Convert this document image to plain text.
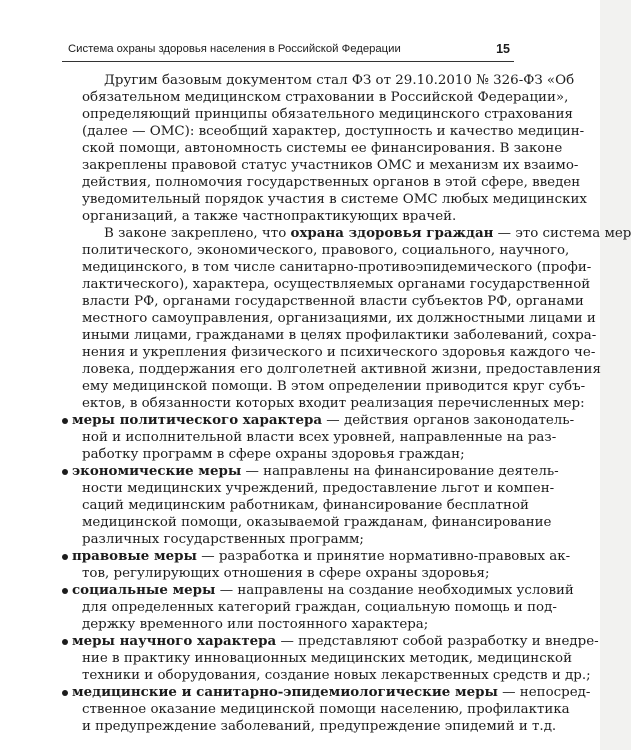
Система охраны здоровья населения в Российской Федерации	15
Другим базовым документом стал ФЗ от 29.10.2010 № 326-ФЗ «Об
обязательном медицинском страховании в Российской Федерации»,
определяющий принципы обязательного медицинского страхования
(далее — ОМС): всеобщий характер, доступность и качество медицин-
ской помощи, автономность системы ее финансирования. В законе
закреплены правовой статус участников ОМС и механизм их взаимо-
действия, полномочия государственных органов в этой сфере, введен
уведомительный порядок участия в системе ОМС любых медицинских
организаций, а также частнопрактикующих врачей.
В законе закреплено, что охрана здоровья граждан — это система мер
политического, экономического, правового, социального, научного,
медицинского, в том числе санитарно-противоэпидемического (профи-
лактического), характера, осуществляемых органами государственной
власти РФ, органами государственной власти субъектов РФ, органами
местного самоуправления, организациями, их должностными лицами и
иными лицами, гражданами в целях профилактики заболеваний, сохра-
нения и укрепления физического и психического здоровья каждого че-
ловека, поддержания его долголетней активной жизни, предоставления
ему медицинской помощи. В этом определении приводится круг субъ-
ектов, в обязанности которых входит реализация перечисленных мер:
меры политического характера — действия органов законодатель-
ной и исполнительной власти всех уровней, направленные на раз-
работку программ в сфере охраны здоровья граждан;
экономические меры — направлены на финансирование деятель-
ности медицинских учреждений, предоставление льгот и компен-
саций медицинским работникам, финансирование бесплатной
медицинской помощи, оказываемой гражданам, финансирование
различных государственных программ;
правовые меры — разработка и принятие нормативно-правовых ак-
тов, регулирующих отношения в сфере охраны здоровья;
социальные меры — направлены на создание необходимых условий
для определенных категорий граждан, социальную помощь и под-
держку временного или постоянного характера;
меры научного характера — представляют собой разработку и внедре-
ние в практику инновационных медицинских методик, медицинской
техники и оборудования, создание новых лекарственных средств и др.;
медицинские и санитарно-эпидемиологические меры — непосред-
ственное оказание медицинской помощи населению, профилактика
и предупреждение заболеваний, предупреждение эпидемий и т.д.
